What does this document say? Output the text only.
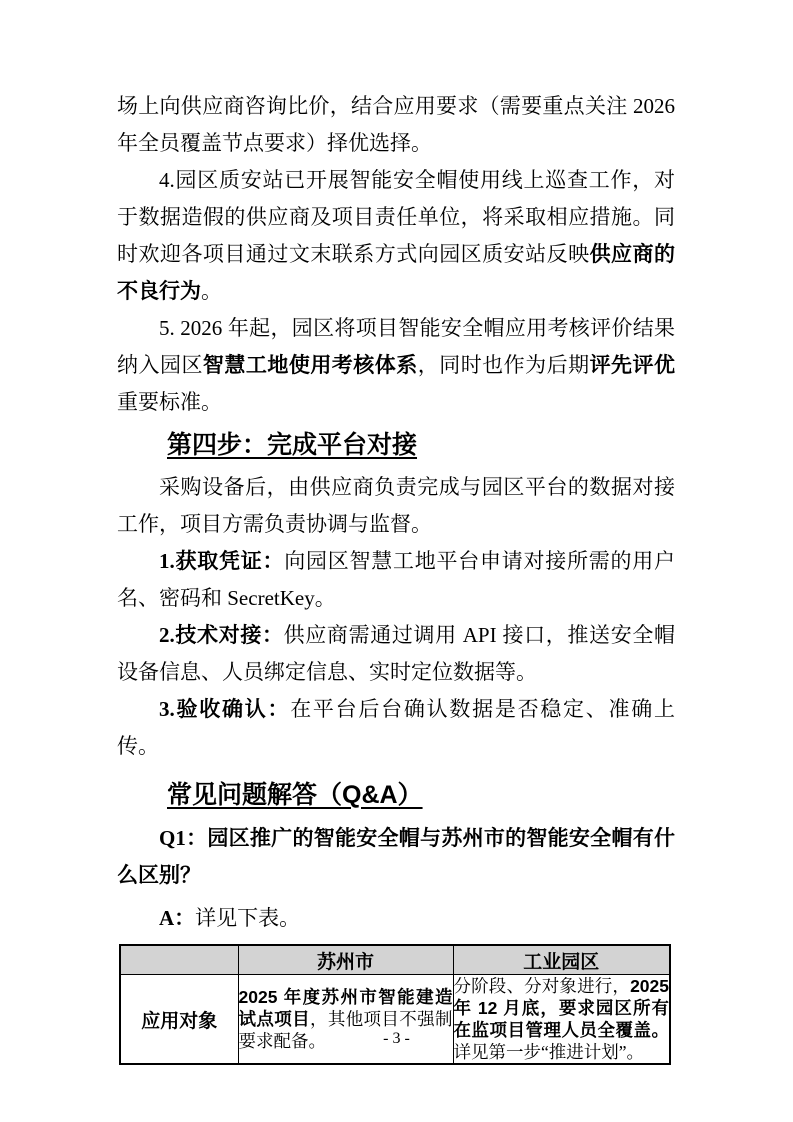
场上向供应商咨询比价，结合应用要求（需要重点关注 2026 年全员覆盖节点要求）择优选择。

4.园区质安站已开展智能安全帽使用线上巡查工作，对于数据造假的供应商及项目责任单位，将采取相应措施。同时欢迎各项目通过文末联系方式向园区质安站反映供应商的不良行为。

5. 2026 年起，园区将项目智能安全帽应用考核评价结果纳入园区智慧工地使用考核体系，同时也作为后期评先评优重要标准。

第四步：完成平台对接

采购设备后，由供应商负责完成与园区平台的数据对接工作，项目方需负责协调与监督。

1.获取凭证：向园区智慧工地平台申请对接所需的用户名、密码和 SecretKey。

2.技术对接：供应商需通过调用 API 接口，推送安全帽设备信息、人员绑定信息、实时定位数据等。

3.验收确认：在平台后台确认数据是否稳定、准确上传。

常见问题解答（Q&A）

Q1：园区推广的智能安全帽与苏州市的智能安全帽有什么区别？

A：详见下表。

	苏州市	工业园区
应用对象	2025 年度苏州市智能建造试点项目，其他项目不强制要求配备。	分阶段、分对象进行，2025 年 12 月底，要求园区所有在监项目管理人员全覆盖。详见第一步“推进计划”。
- 3 -
